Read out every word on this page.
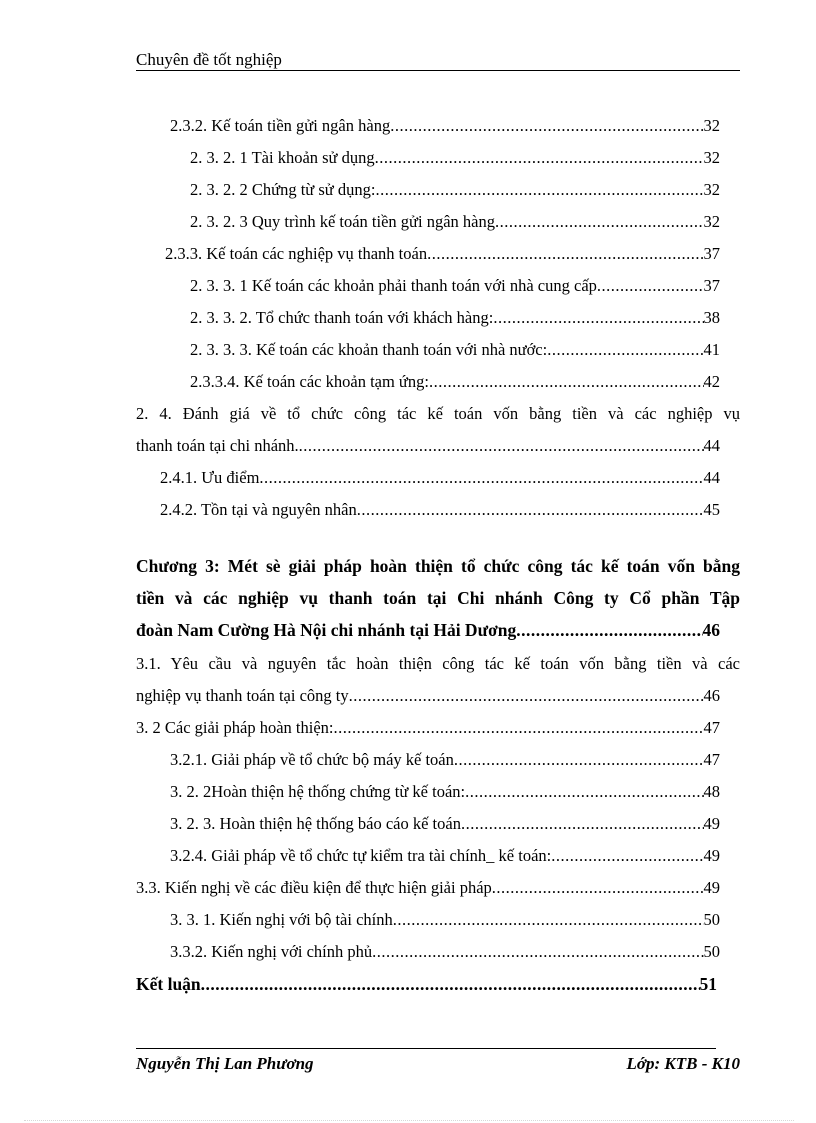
Chuyên đề tốt nghiệp
2.3.2. Kế toán tiền gửi ngân hàng .....	32
2. 3. 2. 1 Tài khoản sử dụng .....	32
2. 3. 2. 2 Chứng từ sử dụng: .....	32
2. 3. 2. 3 Quy trình kế toán tiền gửi ngân hàng .....	32
2.3.3. Kế toán các nghiệp vụ thanh toán .....	37
2. 3. 3. 1 Kế toán các khoản phải thanh toán với nhà cung cấp .....	37
2. 3. 3. 2. Tổ chức thanh toán với khách hàng: .....	38
2. 3. 3. 3. Kế toán các khoản thanh toán với nhà nước: .....	41
2.3.3.4. Kế toán các khoản tạm ứng: .....	42
2. 4. Đánh giá về tổ chức công tác kế toán vốn bằng tiền và các nghiệp vụ
thanh toán tại chi nhánh. .....	44
2.4.1. Ưu điểm .....	44
2.4.2. Tồn tại và nguyên nhân .....	45
Chương 3: Mét sè giải pháp hoàn thiện tổ chức công tác kế toán vốn bằng
tiền và các nghiệp vụ thanh toán tại Chi nhánh Công ty Cổ phần Tập
đoàn Nam Cường Hà Nội chi nhánh tại Hải Dương .....	46
3.1. Yêu cầu và nguyên tắc hoàn thiện công tác kế toán vốn bằng tiền và các
nghiệp vụ thanh toán tại công ty .....	46
3. 2 Các giải pháp hoàn thiện: .....	47
3.2.1. Giải pháp về tổ chức bộ máy kế toán .....	47
3. 2. 2Hoàn thiện hệ thống chứng từ kế toán: .....	48
3. 2. 3. Hoàn thiện hệ thống báo cáo kế toán .....	49
3.2.4. Giải pháp về tổ chức tự kiểm tra tài chính_ kế toán: .....	49
3.3. Kiến nghị về các điều kiện để thực hiện giải pháp .....	49
3. 3. 1. Kiến nghị với bộ tài chính .....	50
3.3.2. Kiến nghị với chính phủ .....	50
Kết luận .....	51
Nguyễn Thị Lan Phương	Lớp: KTB - K10
